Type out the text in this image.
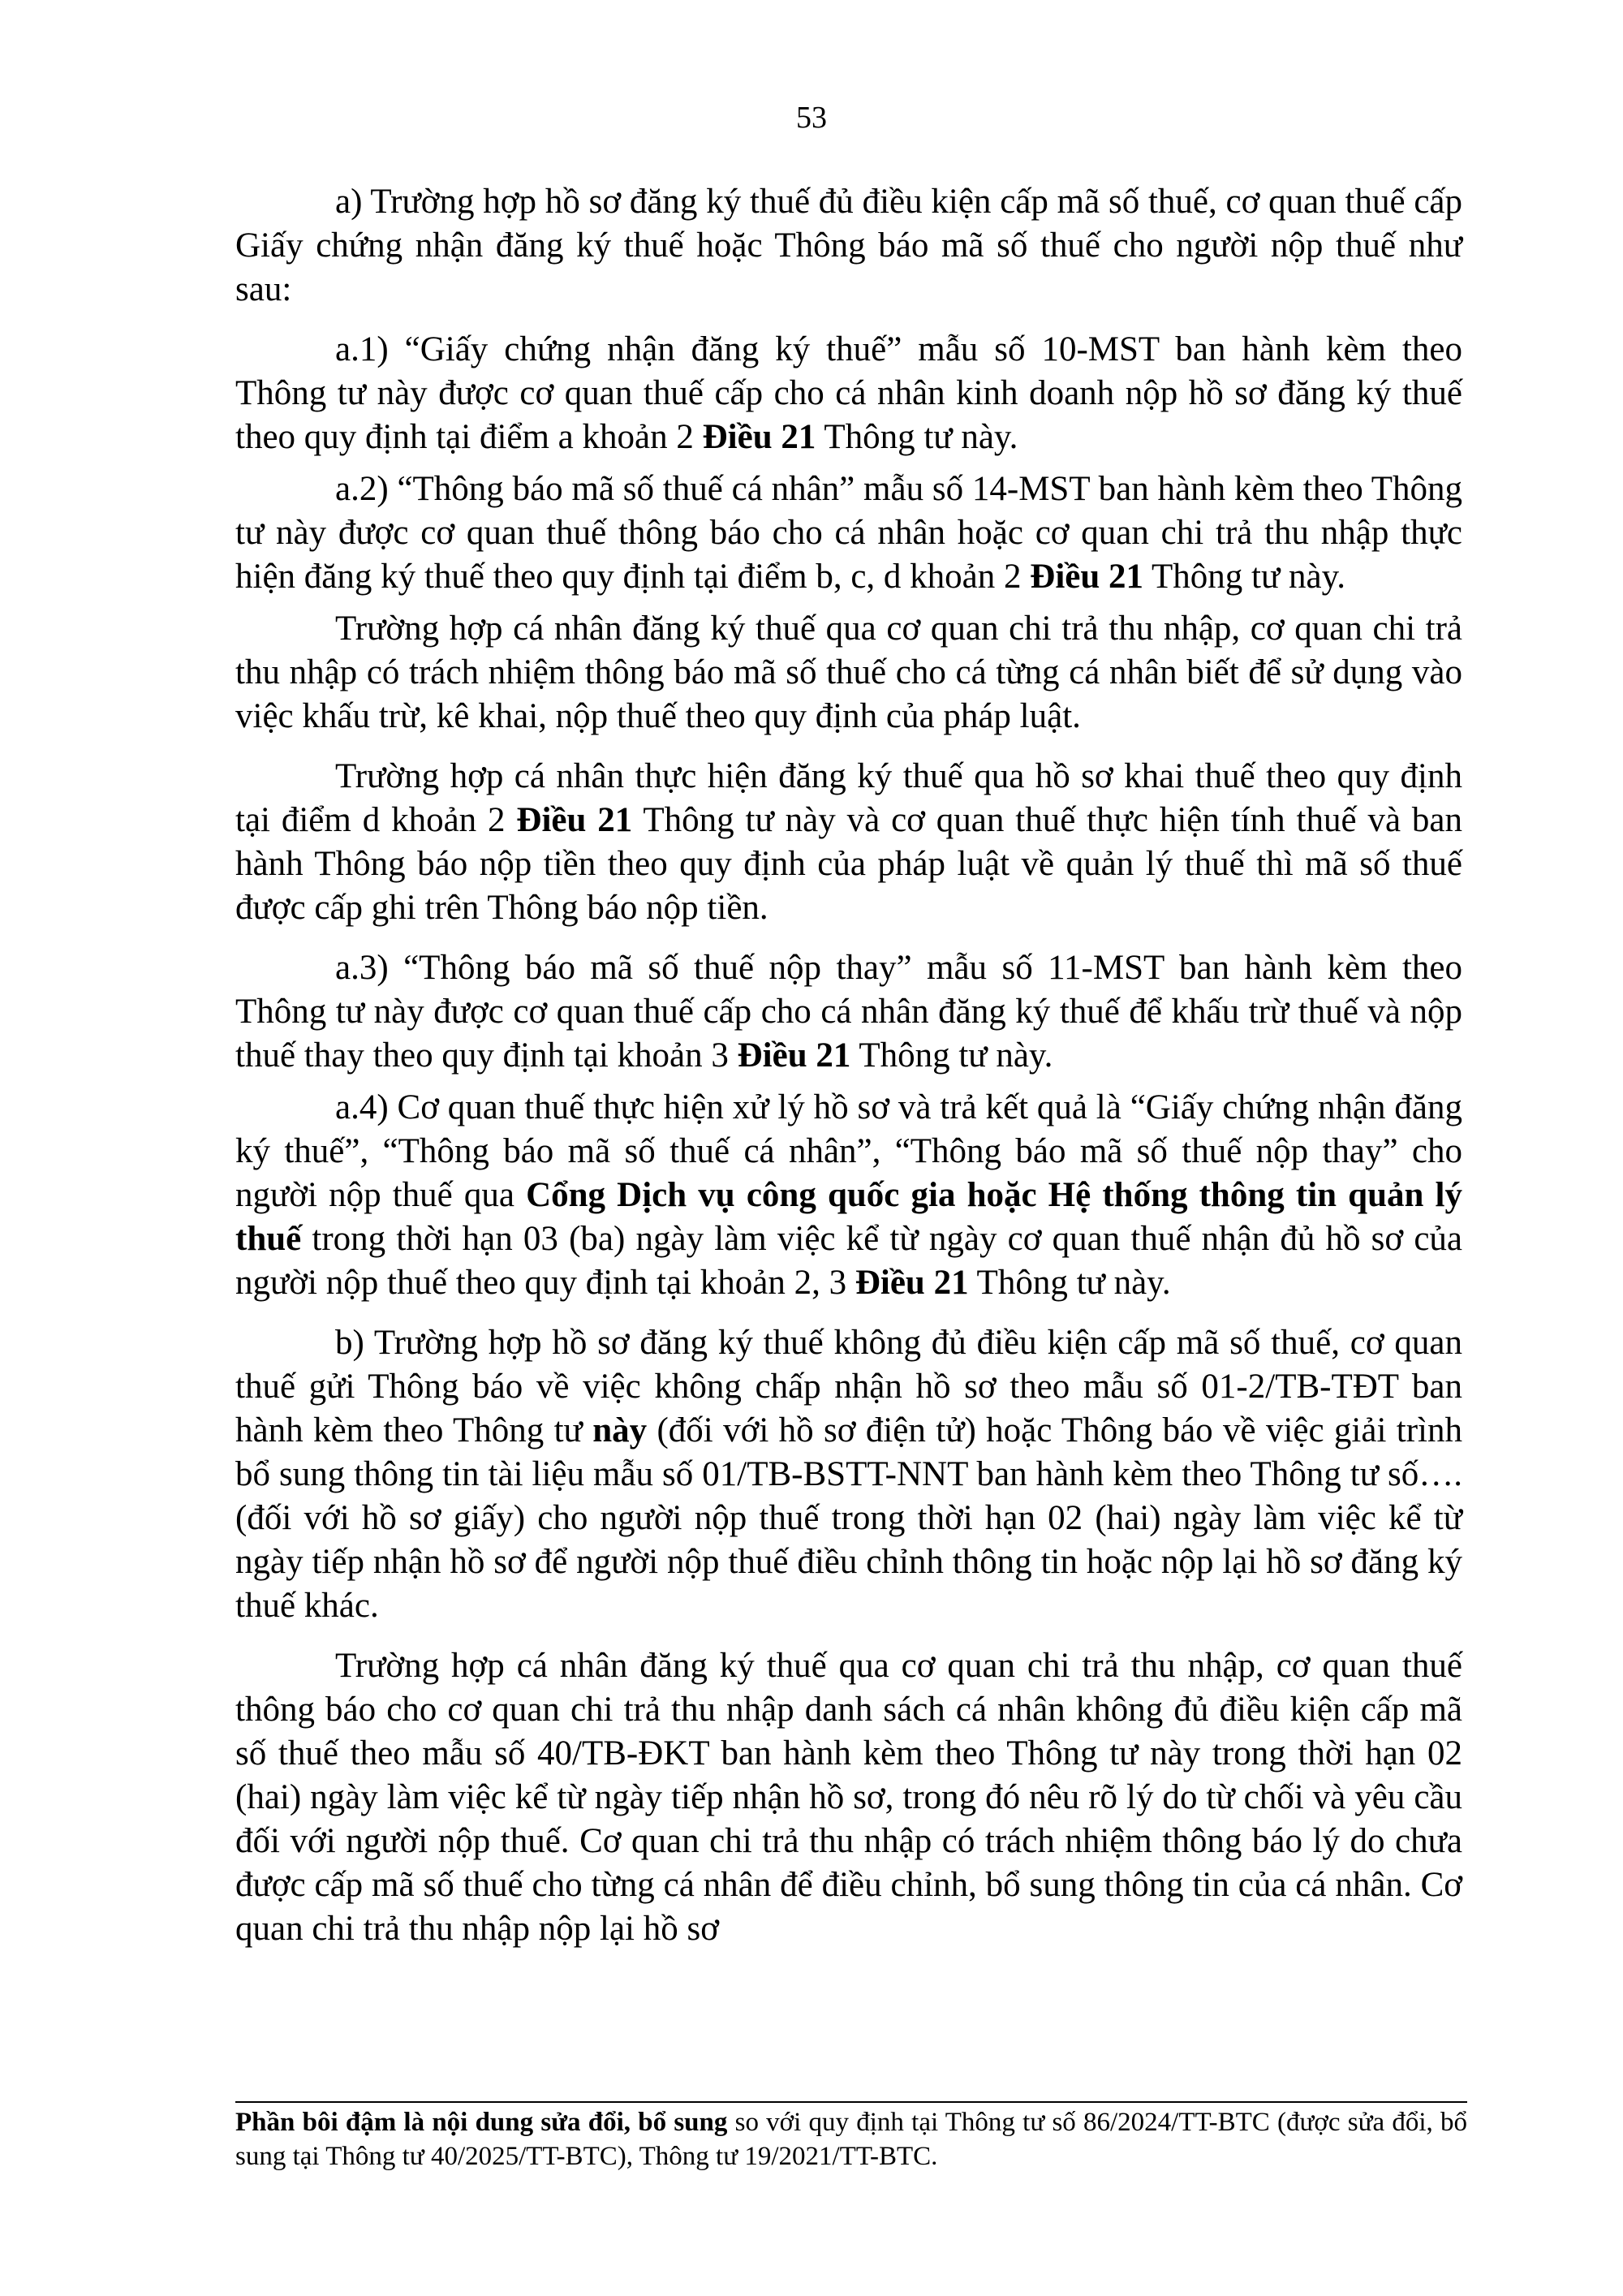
53

a) Trường hợp hồ sơ đăng ký thuế đủ điều kiện cấp mã số thuế, cơ quan thuế cấp Giấy chứng nhận đăng ký thuế hoặc Thông báo mã số thuế cho người nộp thuế như sau:

a.1) “Giấy chứng nhận đăng ký thuế” mẫu số 10-MST ban hành kèm theo Thông tư này được cơ quan thuế cấp cho cá nhân kinh doanh nộp hồ sơ đăng ký thuế theo quy định tại điểm a khoản 2 Điều 21 Thông tư này.

a.2) “Thông báo mã số thuế cá nhân” mẫu số 14-MST ban hành kèm theo Thông tư này được cơ quan thuế thông báo cho cá nhân hoặc cơ quan chi trả thu nhập thực hiện đăng ký thuế theo quy định tại điểm b, c, d khoản 2 Điều 21 Thông tư này.

Trường hợp cá nhân đăng ký thuế qua cơ quan chi trả thu nhập, cơ quan chi trả thu nhập có trách nhiệm thông báo mã số thuế cho cá từng cá nhân biết để sử dụng vào việc khấu trừ, kê khai, nộp thuế theo quy định của pháp luật.

Trường hợp cá nhân thực hiện đăng ký thuế qua hồ sơ khai thuế theo quy định tại điểm d khoản 2 Điều 21 Thông tư này và cơ quan thuế thực hiện tính thuế và ban hành Thông báo nộp tiền theo quy định của pháp luật về quản lý thuế thì mã số thuế được cấp ghi trên Thông báo nộp tiền.

a.3) “Thông báo mã số thuế nộp thay” mẫu số 11-MST ban hành kèm theo Thông tư này được cơ quan thuế cấp cho cá nhân đăng ký thuế để khấu trừ thuế và nộp thuế thay theo quy định tại khoản 3 Điều 21 Thông tư này.

a.4) Cơ quan thuế thực hiện xử lý hồ sơ và trả kết quả là “Giấy chứng nhận đăng ký thuế”, “Thông báo mã số thuế cá nhân”, “Thông báo mã số thuế nộp thay” cho người nộp thuế qua Cổng Dịch vụ công quốc gia hoặc Hệ thống thông tin quản lý thuế trong thời hạn 03 (ba) ngày làm việc kể từ ngày cơ quan thuế nhận đủ hồ sơ của người nộp thuế theo quy định tại khoản 2, 3 Điều 21 Thông tư này.

b) Trường hợp hồ sơ đăng ký thuế không đủ điều kiện cấp mã số thuế, cơ quan thuế gửi Thông báo về việc không chấp nhận hồ sơ theo mẫu số 01-2/TB-TĐT ban hành kèm theo Thông tư này (đối với hồ sơ điện tử) hoặc Thông báo về việc giải trình bổ sung thông tin tài liệu mẫu số 01/TB-BSTT-NNT ban hành kèm theo Thông tư số…. (đối với hồ sơ giấy) cho người nộp thuế trong thời hạn 02 (hai) ngày làm việc kể từ ngày tiếp nhận hồ sơ để người nộp thuế điều chỉnh thông tin hoặc nộp lại hồ sơ đăng ký thuế khác.

Trường hợp cá nhân đăng ký thuế qua cơ quan chi trả thu nhập, cơ quan thuế thông báo cho cơ quan chi trả thu nhập danh sách cá nhân không đủ điều kiện cấp mã số thuế theo mẫu số 40/TB-ĐKT ban hành kèm theo Thông tư này trong thời hạn 02 (hai) ngày làm việc kể từ ngày tiếp nhận hồ sơ, trong đó nêu rõ lý do từ chối và yêu cầu đối với người nộp thuế. Cơ quan chi trả thu nhập có trách nhiệm thông báo lý do chưa được cấp mã số thuế cho từng cá nhân để điều chỉnh, bổ sung thông tin của cá nhân. Cơ quan chi trả thu nhập nộp lại hồ sơ

Phần bôi đậm là nội dung sửa đổi, bổ sung so với quy định tại Thông tư số 86/2024/TT-BTC (được sửa đổi, bổ sung tại Thông tư 40/2025/TT-BTC), Thông tư 19/2021/TT-BTC.
